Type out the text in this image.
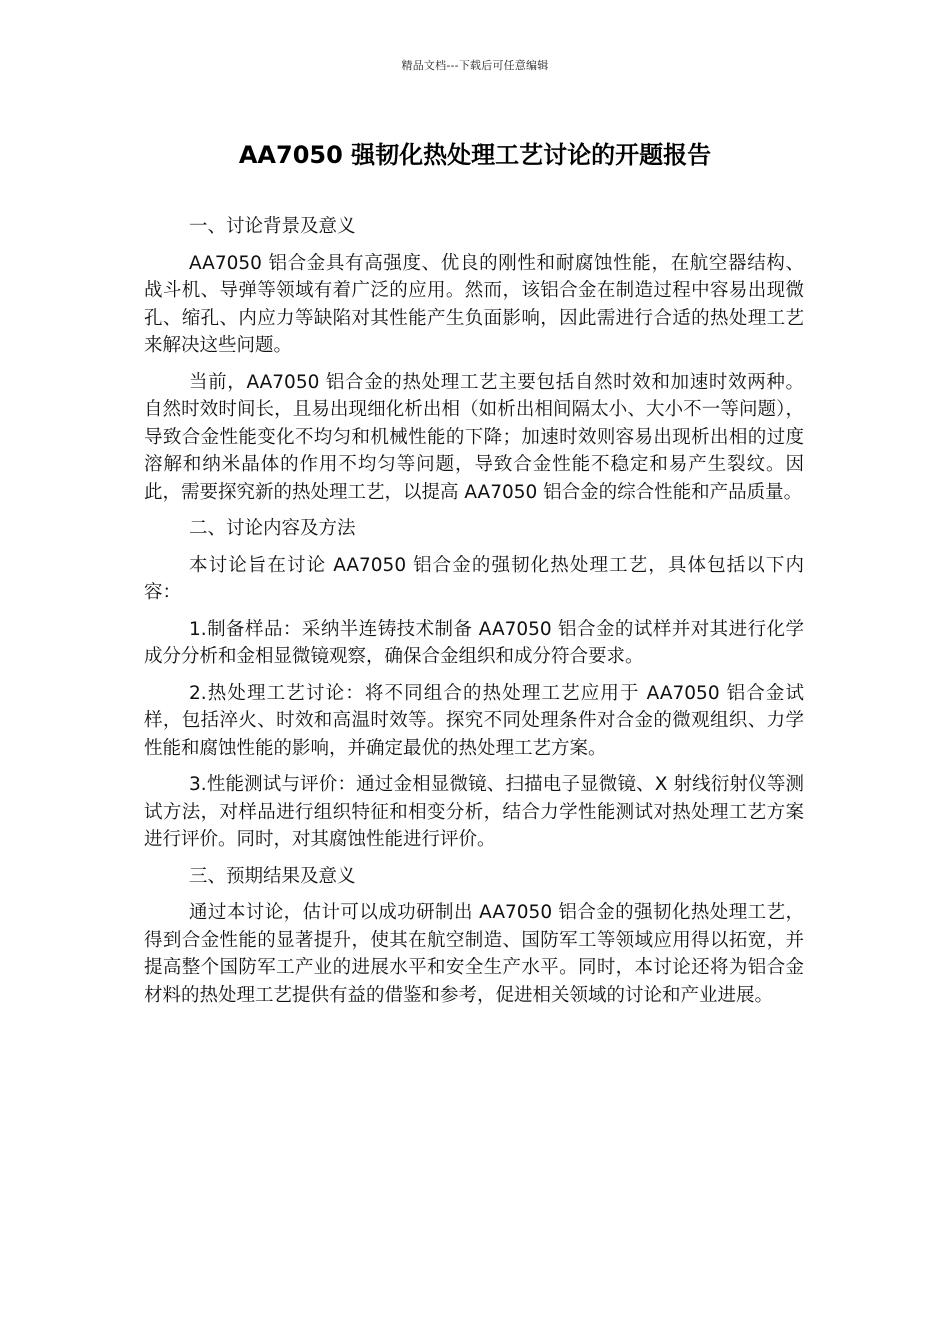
精品文档---下载后可任意编辑
AA7050 强韧化热处理工艺讨论的开题报告

一、讨论背景及意义

AA7050 铝合金具有高强度、优良的刚性和耐腐蚀性能，在航空器结构、战斗机、导弹等领域有着广泛的应用。然而，该铝合金在制造过程中容易出现微孔、缩孔、内应力等缺陷对其性能产生负面影响，因此需进行合适的热处理工艺来解决这些问题。

当前，AA7050 铝合金的热处理工艺主要包括自然时效和加速时效两种。自然时效时间长，且易出现细化析出相（如析出相间隔太小、大小不一等问题），导致合金性能变化不均匀和机械性能的下降；加速时效则容易出现析出相的过度溶解和纳米晶体的作用不均匀等问题，导致合金性能不稳定和易产生裂纹。因此，需要探究新的热处理工艺，以提高 AA7050 铝合金的综合性能和产品质量。

二、讨论内容及方法

本讨论旨在讨论 AA7050 铝合金的强韧化热处理工艺，具体包括以下内容：

1.制备样品：采纳半连铸技术制备 AA7050 铝合金的试样并对其进行化学成分分析和金相显微镜观察，确保合金组织和成分符合要求。

2.热处理工艺讨论：将不同组合的热处理工艺应用于 AA7050 铝合金试样，包括淬火、时效和高温时效等。探究不同处理条件对合金的微观组织、力学性能和腐蚀性能的影响，并确定最优的热处理工艺方案。

3.性能测试与评价：通过金相显微镜、扫描电子显微镜、X 射线衍射仪等测试方法，对样品进行组织特征和相变分析，结合力学性能测试对热处理工艺方案进行评价。同时，对其腐蚀性能进行评价。

三、预期结果及意义

通过本讨论，估计可以成功研制出 AA7050 铝合金的强韧化热处理工艺，得到合金性能的显著提升，使其在航空制造、国防军工等领域应用得以拓宽，并提高整个国防军工产业的进展水平和安全生产水平。同时，本讨论还将为铝合金材料的热处理工艺提供有益的借鉴和参考，促进相关领域的讨论和产业进展。
